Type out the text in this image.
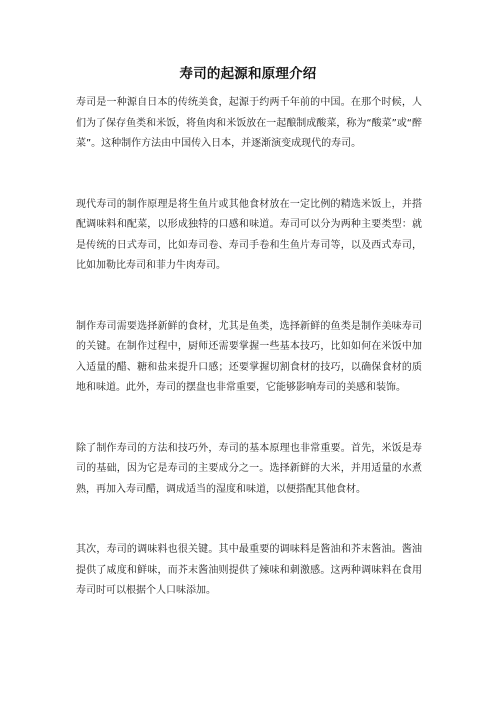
寿司的起源和原理介绍

寿司是一种源自日本的传统美食，起源于约两千年前的中国。在那个时候，人们为了保存鱼类和米饭，将鱼肉和米饭放在一起酿制成酸菜，称为“酸菜”或“醉菜”。这种制作方法由中国传入日本，并逐渐演变成现代的寿司。

现代寿司的制作原理是将生鱼片或其他食材放在一定比例的精选米饭上，并搭配调味料和配菜，以形成独特的口感和味道。寿司可以分为两种主要类型：就是传统的日式寿司，比如寿司卷、寿司手卷和生鱼片寿司等，以及西式寿司，比如加勒比寿司和菲力牛肉寿司。

制作寿司需要选择新鲜的食材，尤其是鱼类，选择新鲜的鱼类是制作美味寿司的关键。在制作过程中，厨师还需要掌握一些基本技巧，比如如何在米饭中加入适量的醋、糖和盐来提升口感；还要掌握切割食材的技巧，以确保食材的质地和味道。此外，寿司的摆盘也非常重要，它能够影响寿司的美感和装饰。

除了制作寿司的方法和技巧外，寿司的基本原理也非常重要。首先，米饭是寿司的基础，因为它是寿司的主要成分之一。选择新鲜的大米，并用适量的水煮熟，再加入寿司醋，调成适当的湿度和味道，以便搭配其他食材。

其次，寿司的调味料也很关键。其中最重要的调味料是酱油和芥末酱油。酱油提供了咸度和鲜味，而芥末酱油则提供了辣味和刺激感。这两种调味料在食用寿司时可以根据个人口味添加。
